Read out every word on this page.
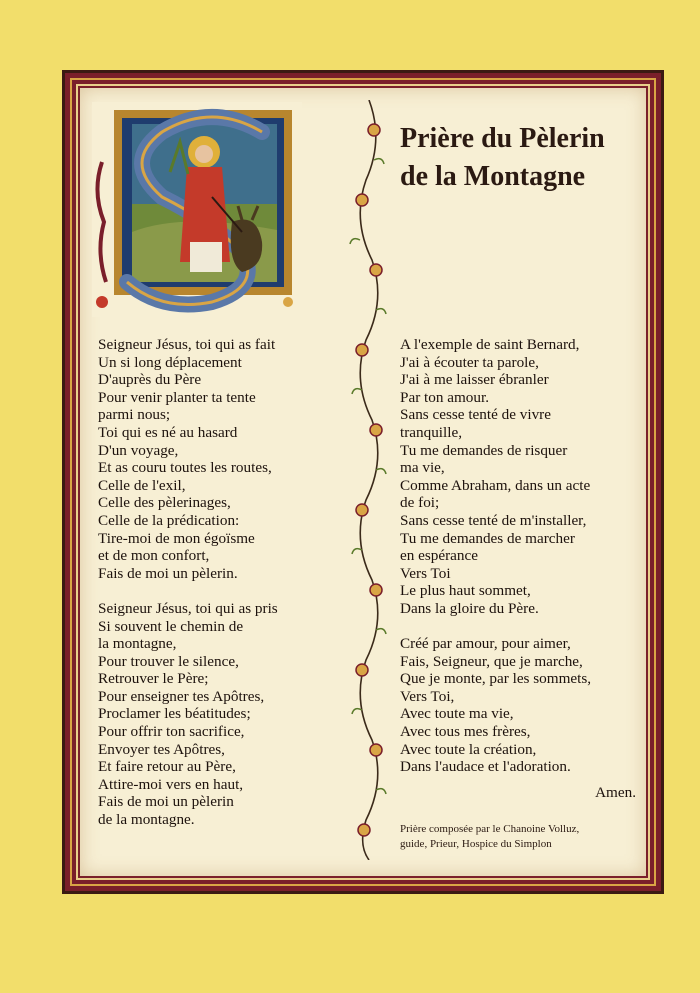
Prière du Pèlerin
de la Montagne
Seigneur Jésus, toi qui as fait
Un si long déplacement
D'auprès du Père
Pour venir planter ta tente
parmi nous;
Toi qui es né au hasard
D'un voyage,
Et as couru toutes les routes,
Celle de l'exil,
Celle des pèlerinages,
Celle de la prédication:
Tire-moi de mon égoïsme
et de mon confort,
Fais de moi un pèlerin.
Seigneur Jésus, toi qui as pris
Si souvent le chemin de
la montagne,
Pour trouver le silence,
Retrouver le Père;
Pour enseigner tes Apôtres,
Proclamer les béatitudes;
Pour offrir ton sacrifice,
Envoyer tes Apôtres,
Et faire retour au Père,
Attire-moi vers en haut,
Fais de moi un pèlerin
de la montagne.
A l'exemple de saint Bernard,
J'ai à écouter ta parole,
J'ai à me laisser ébranler
Par ton amour.
Sans cesse tenté de vivre
tranquille,
Tu me demandes de risquer
ma vie,
Comme Abraham, dans un acte
de foi;
Sans cesse tenté de m'installer,
Tu me demandes de marcher
en espérance
Vers Toi
Le plus haut sommet,
Dans la gloire du Père.
Créé par amour, pour aimer,
Fais, Seigneur, que je marche,
Que je monte, par les sommets,
Vers Toi,
Avec toute ma vie,
Avec tous mes frères,
Avec toute la création,
Dans l'audace et l'adoration.
Amen.
Prière composée par le Chanoine Volluz,
guide, Prieur, Hospice du Simplon
